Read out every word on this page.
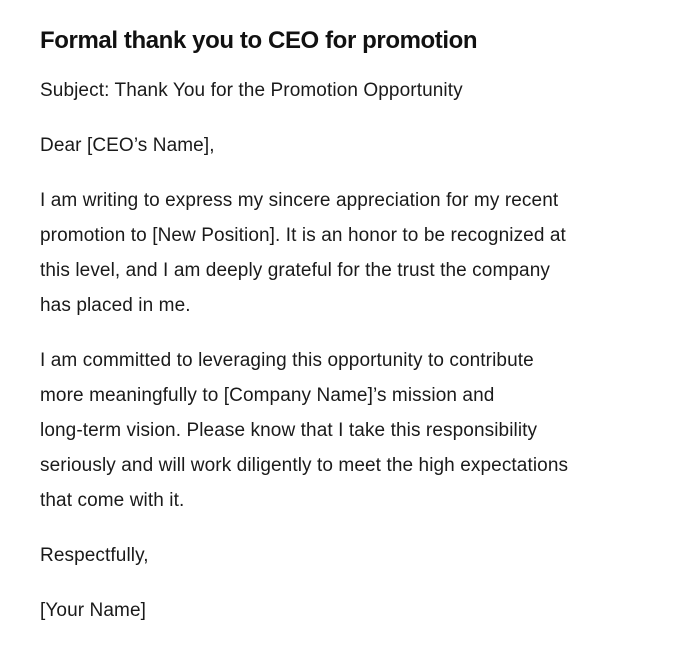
Formal thank you to CEO for promotion

Subject: Thank You for the Promotion Opportunity

Dear [CEO’s Name],

I am writing to express my sincere appreciation for my recent
promotion to [New Position]. It is an honor to be recognized at
this level, and I am deeply grateful for the trust the company
has placed in me.

I am committed to leveraging this opportunity to contribute
more meaningfully to [Company Name]’s mission and
long-term vision. Please know that I take this responsibility
seriously and will work diligently to meet the high expectations
that come with it.

Respectfully,

[Your Name]
